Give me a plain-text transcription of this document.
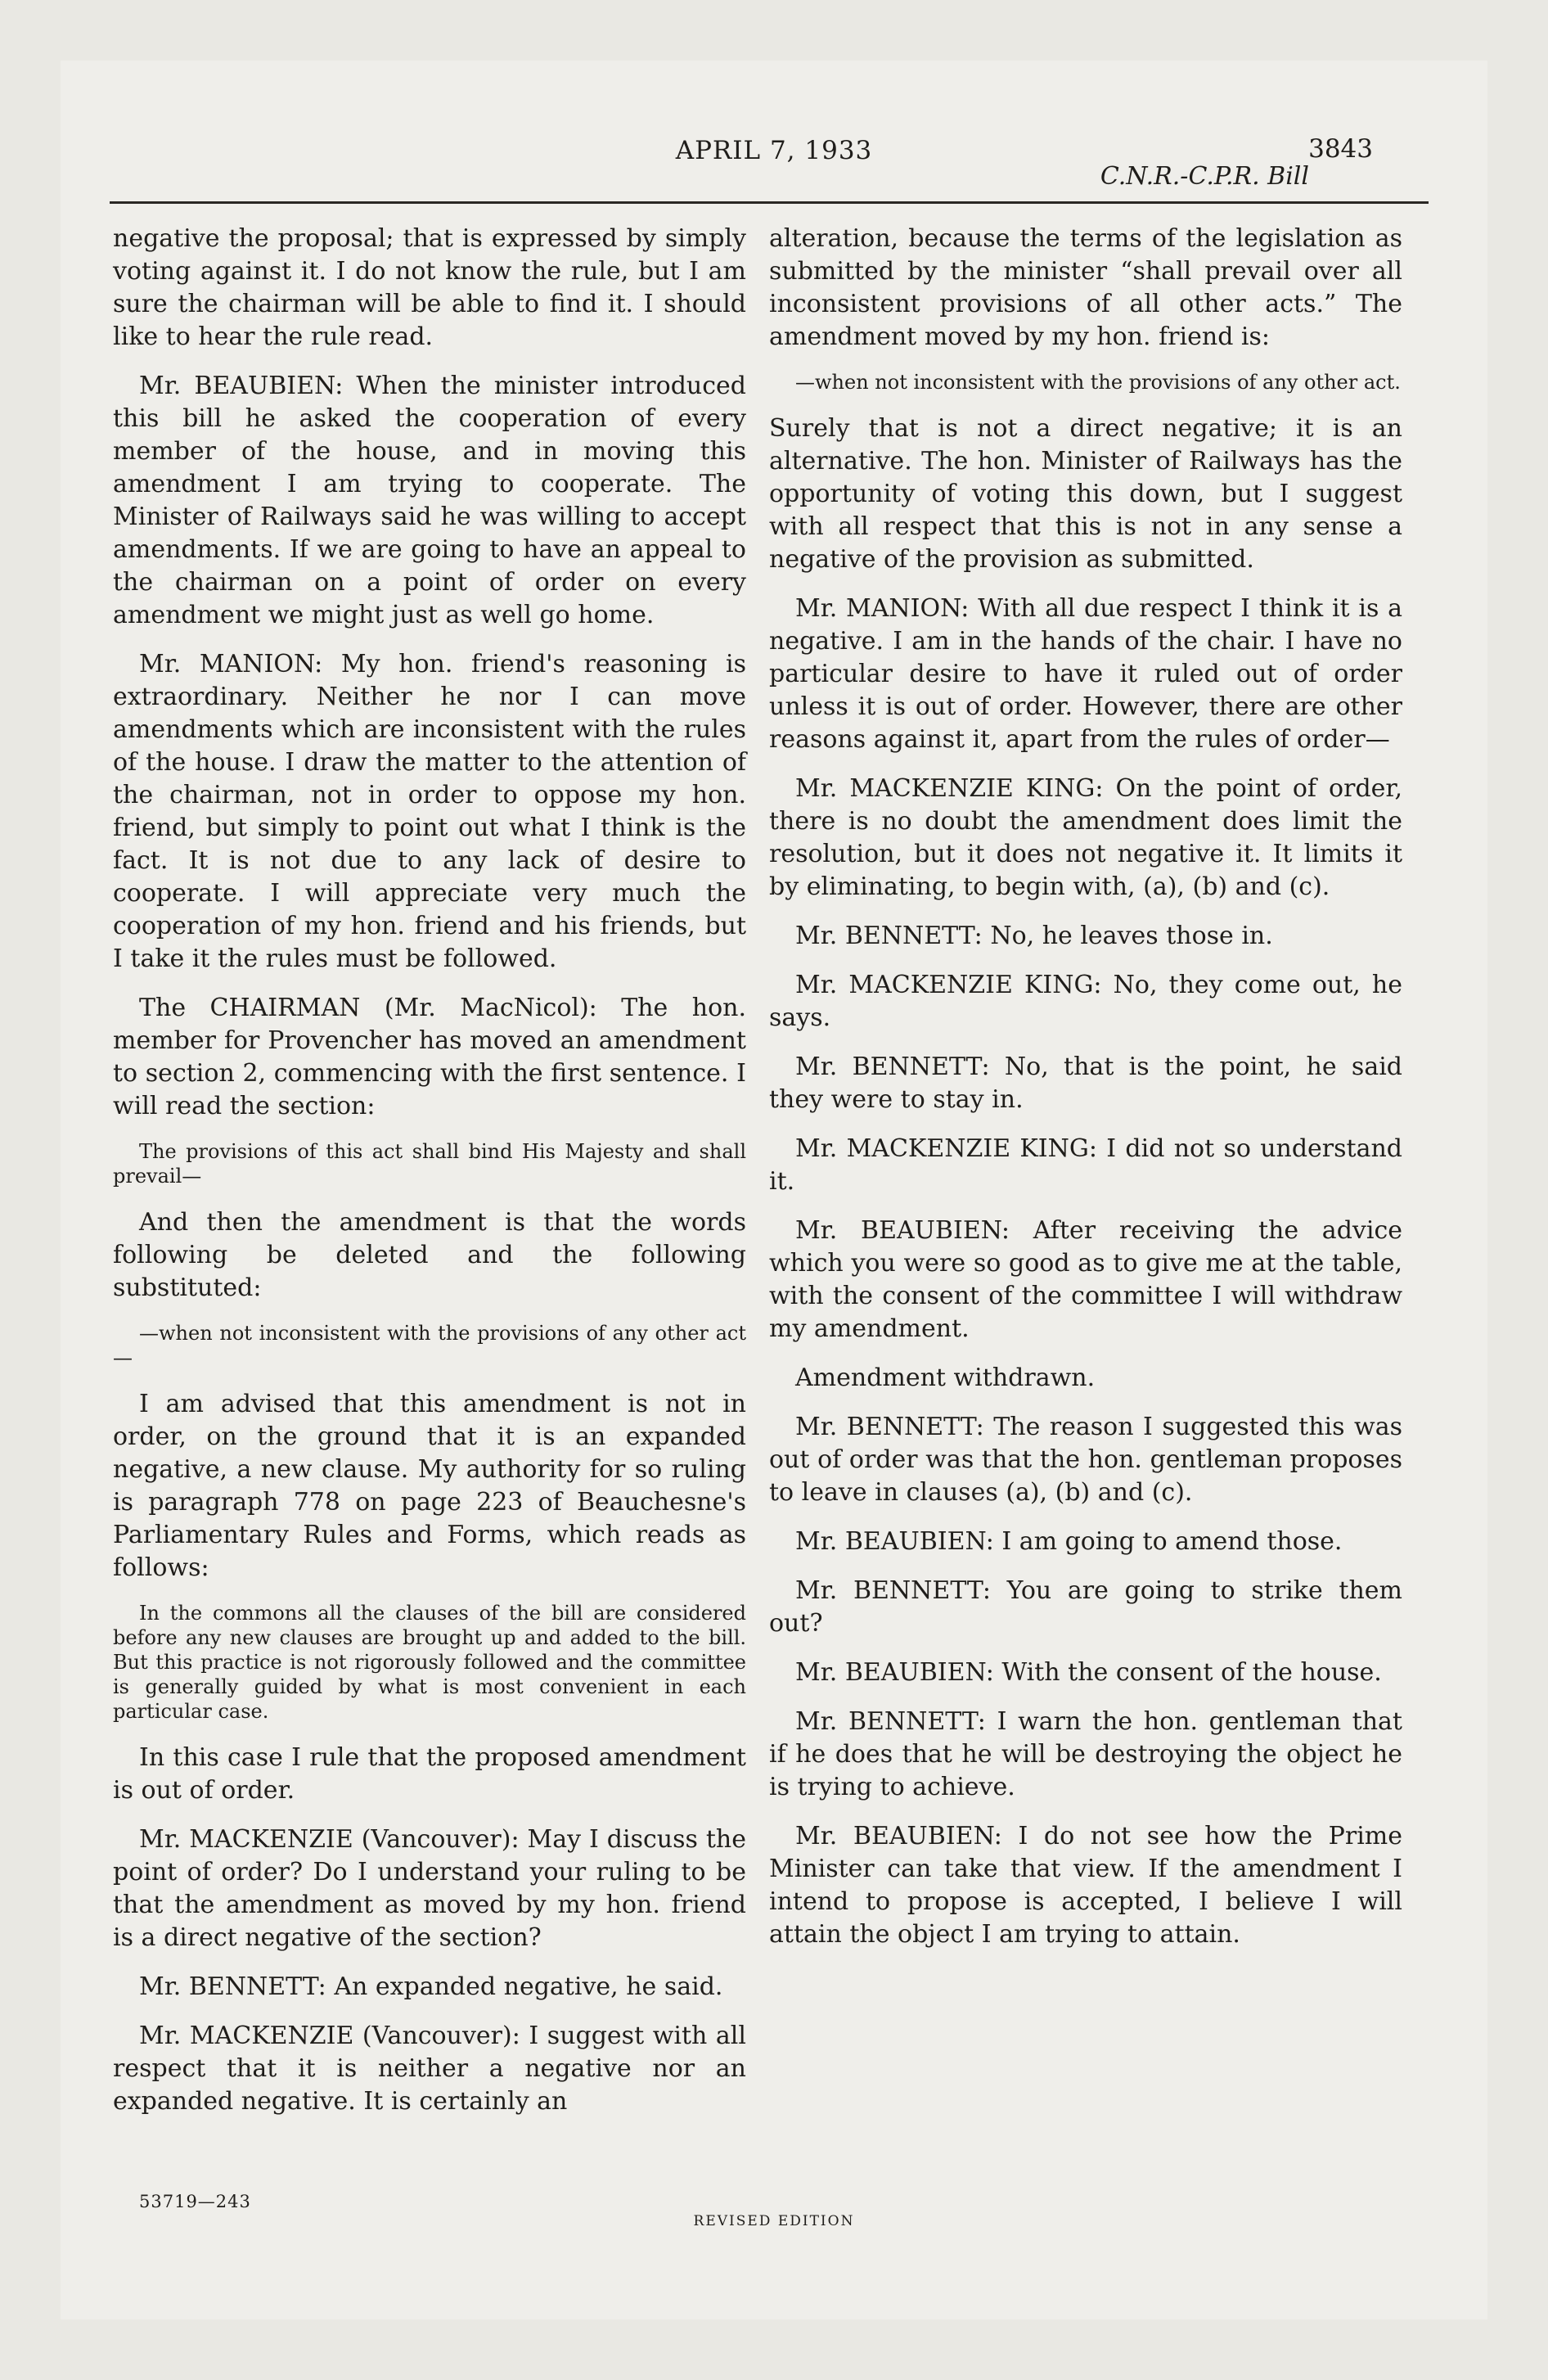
APRIL 7, 1933
C.N.R.-C.P.R. Bill
3843

negative the proposal; that is expressed by simply voting against it. I do not know the rule, but I am sure the chairman will be able to find it. I should like to hear the rule read.

Mr. BEAUBIEN: When the minister introduced this bill he asked the cooperation of every member of the house, and in moving this amendment I am trying to cooperate. The Minister of Railways said he was willing to accept amendments. If we are going to have an appeal to the chairman on a point of order on every amendment we might just as well go home.

Mr. MANION: My hon. friend's reasoning is extraordinary. Neither he nor I can move amendments which are inconsistent with the rules of the house. I draw the matter to the attention of the chairman, not in order to oppose my hon. friend, but simply to point out what I think is the fact. It is not due to any lack of desire to cooperate. I will appreciate very much the cooperation of my hon. friend and his friends, but I take it the rules must be followed.

The CHAIRMAN (Mr. MacNicol): The hon. member for Provencher has moved an amendment to section 2, commencing with the first sentence. I will read the section:

The provisions of this act shall bind His Majesty and shall prevail—

And then the amendment is that the words following be deleted and the following substituted:

—when not inconsistent with the provisions of any other act—

I am advised that this amendment is not in order, on the ground that it is an expanded negative, a new clause. My authority for so ruling is paragraph 778 on page 223 of Beauchesne's Parliamentary Rules and Forms, which reads as follows:

In the commons all the clauses of the bill are considered before any new clauses are brought up and added to the bill. But this practice is not rigorously followed and the committee is generally guided by what is most convenient in each particular case.

In this case I rule that the proposed amendment is out of order.

Mr. MACKENZIE (Vancouver): May I discuss the point of order? Do I understand your ruling to be that the amendment as moved by my hon. friend is a direct negative of the section?

Mr. BENNETT: An expanded negative, he said.

Mr. MACKENZIE (Vancouver): I suggest with all respect that it is neither a negative nor an expanded negative. It is certainly an

alteration, because the terms of the legislation as submitted by the minister “shall prevail over all inconsistent provisions of all other acts.” The amendment moved by my hon. friend is:

—when not inconsistent with the provisions of any other act.

Surely that is not a direct negative; it is an alternative. The hon. Minister of Railways has the opportunity of voting this down, but I suggest with all respect that this is not in any sense a negative of the provision as submitted.

Mr. MANION: With all due respect I think it is a negative. I am in the hands of the chair. I have no particular desire to have it ruled out of order unless it is out of order. However, there are other reasons against it, apart from the rules of order—

Mr. MACKENZIE KING: On the point of order, there is no doubt the amendment does limit the resolution, but it does not negative it. It limits it by eliminating, to begin with, (a), (b) and (c).

Mr. BENNETT: No, he leaves those in.

Mr. MACKENZIE KING: No, they come out, he says.

Mr. BENNETT: No, that is the point, he said they were to stay in.

Mr. MACKENZIE KING: I did not so understand it.

Mr. BEAUBIEN: After receiving the advice which you were so good as to give me at the table, with the consent of the committee I will withdraw my amendment.

Amendment withdrawn.

Mr. BENNETT: The reason I suggested this was out of order was that the hon. gentleman proposes to leave in clauses (a), (b) and (c).

Mr. BEAUBIEN: I am going to amend those.

Mr. BENNETT: You are going to strike them out?

Mr. BEAUBIEN: With the consent of the house.

Mr. BENNETT: I warn the hon. gentleman that if he does that he will be destroying the object he is trying to achieve.

Mr. BEAUBIEN: I do not see how the Prime Minister can take that view. If the amendment I intend to propose is accepted, I believe I will attain the object I am trying to attain.

53719—243
REVISED EDITION
